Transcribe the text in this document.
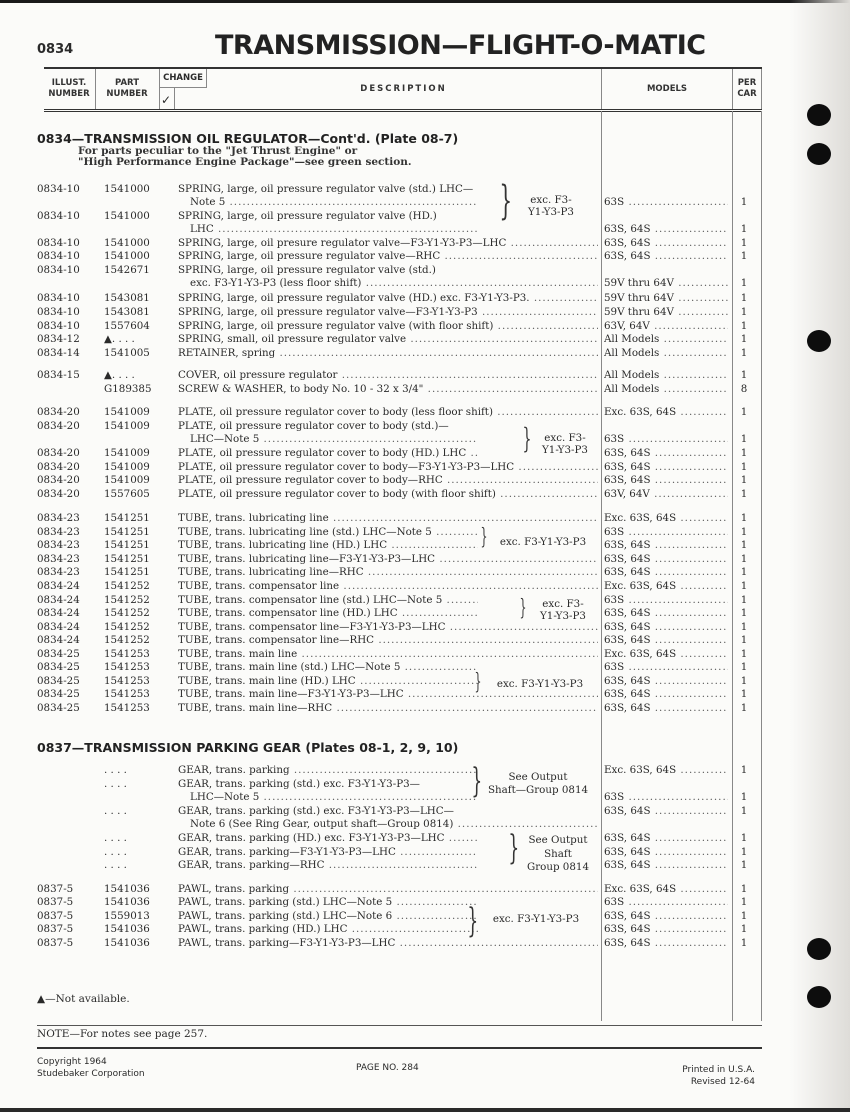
0834	TRANSMISSION—FLIGHT-O-MATIC
ILLUST. NUMBER
PART NUMBER
CHANGE
✓
DESCRIPTION	MODELS
PER CAR
0834—TRANSMISSION OIL REGULATOR—Cont'd. (Plate 08-7)
For parts peculiar to the "Jet Thrust Engine" or
"High Performance Engine Package"—see green section.
0834-10 1541000	SPRING, large, oil pressure regulator valve (std.) LHC—
Note 5 .....	63S .....	1
0834-10 1541000	SPRING, large, oil pressure regulator valve (HD.)
LHC .....	63S, 64S .....	1
0834-10 1541000	SPRING, large, oil presure regulator valve—F3-Y1-Y3-P3—LHC .....	63S, 64S .....	1
0834-10 1541000	SPRING, large, oil pressure regulator valve—RHC .....	63S, 64S .....	1
0834-10 1542671	SPRING, large, oil pressure regulator valve (std.)
exc. F3-Y1-Y3-P3 (less floor shift) .....	59V thru 64V .....	1
0834-10 1543081	SPRING, large, oil pressure regulator valve (HD.) exc. F3-Y1-Y3-P3. .....	59V thru 64V .....	1
0834-10 1543081	SPRING, large, oil pressure regulator valve—F3-Y1-Y3-P3 .....	59V thru 64V .....	1
0834-10 1557604	SPRING, large, oil pressure regulator valve (with floor shift) .....	63V, 64V .....	1
0834-12 ▲. . . .	SPRING, small, oil pressure regulator valve .....	All Models .....	1
0834-14 1541005	RETAINER, spring .....	All Models .....	1
0834-15 ▲. . . .	COVER, oil pressure regulator .....	All Models .....	1
G189385	SCREW & WASHER, to body No. 10 - 32 x 3/4" .....	All Models .....	8
0834-20 1541009	PLATE, oil pressure regulator cover to body (less floor shift) .....	Exc. 63S, 64S .....	1
0834-20 1541009	PLATE, oil pressure regulator cover to body (std.)—
LHC—Note 5 .....	63S .....	1
0834-20 1541009	PLATE, oil pressure regulator cover to body (HD.) LHC .....	63S, 64S .....	1
0834-20 1541009	PLATE, oil pressure regulator cover to body—F3-Y1-Y3-P3—LHC .....	63S, 64S .....	1
0834-20 1541009	PLATE, oil pressure regulator cover to body—RHC .....	63S, 64S .....	1
0834-20 1557605	PLATE, oil pressure regulator cover to body (with floor shift) .....	63V, 64V .....	1
0834-23 1541251	TUBE, trans. lubricating line .....	Exc. 63S, 64S .....	1
0834-23 1541251	TUBE, trans. lubricating line (std.) LHC—Note 5 .....	63S .....	1
0834-23 1541251	TUBE, trans. lubricating line (HD.) LHC .....	63S, 64S .....	1
0834-23 1541251	TUBE, trans. lubricating line—F3-Y1-Y3-P3—LHC .....	63S, 64S .....	1
0834-23 1541251	TUBE, trans. lubricating line—RHC .....	63S, 64S .....	1
0834-24 1541252	TUBE, trans. compensator line .....	Exc. 63S, 64S .....	1
0834-24 1541252	TUBE, trans. compensator line (std.) LHC—Note 5 .....	63S .....	1
0834-24 1541252	TUBE, trans. compensator line (HD.) LHC .....	63S, 64S .....	1
0834-24 1541252	TUBE, trans. compensator line—F3-Y1-Y3-P3—LHC .....	63S, 64S .....	1
0834-24 1541252	TUBE, trans. compensator line—RHC .....	63S, 64S .....	1
0834-25 1541253	TUBE, trans. main line .....	Exc. 63S, 64S .....	1
0834-25 1541253	TUBE, trans. main line (std.) LHC—Note 5 .....	63S .....	1
0834-25 1541253	TUBE, trans. main line (HD.) LHC .....	63S, 64S .....	1
0834-25 1541253	TUBE, trans. main line—F3-Y1-Y3-P3—LHC .....	63S, 64S .....	1
0834-25 1541253	TUBE, trans. main line—RHC .....	63S, 64S .....	1
. . . .	GEAR, trans. parking .....	Exc. 63S, 64S .....	1
. . . .	GEAR, trans. parking (std.) exc. F3-Y1-Y3-P3—
LHC—Note 5 .....	63S .....	1
. . . .	GEAR, trans. parking (std.) exc. F3-Y1-Y3-P3—LHC—	63S, 64S .....	1
Note 6 (See Ring Gear, output shaft—Group 0814) .....
. . . .	GEAR, trans. parking (HD.) exc. F3-Y1-Y3-P3—LHC .....	63S, 64S .....	1
. . . .	GEAR, trans. parking—F3-Y1-Y3-P3—LHC .....	63S, 64S .....	1
. . . .	GEAR, trans. parking—RHC .....	63S, 64S .....	1
0837-5	1541036	PAWL, trans. parking .....	Exc. 63S, 64S .....	1
0837-5	1541036	PAWL, trans. parking (std.) LHC—Note 5 .....	63S .....	1
0837-5	1559013	PAWL, trans. parking (std.) LHC—Note 6 .....	63S, 64S .....	1
0837-5	1541036	PAWL, trans. parking (HD.) LHC .....	63S, 64S .....	1
0837-5	1541036	PAWL, trans. parking—F3-Y1-Y3-P3—LHC .....	63S, 64S .....	1
0837—TRANSMISSION PARKING GEAR (Plates 08-1, 2, 9, 10)
}	exc. F3-
Y1-Y3-P3
}	exc. F3-
Y1-Y3-P3
}	exc. F3-Y1-Y3-P3
}	exc. F3-
Y1-Y3-P3
}	exc. F3-Y1-Y3-P3
}	See Output
Shaft—Group 0814
} See Output
Shaft
Group 0814
}	exc. F3-Y1-Y3-P3
▲—Not available.
NOTE—For notes see page 257.
Copyright 1964
Studebaker Corporation
PAGE NO. 284	Printed in U.S.A.
Revised 12-64
